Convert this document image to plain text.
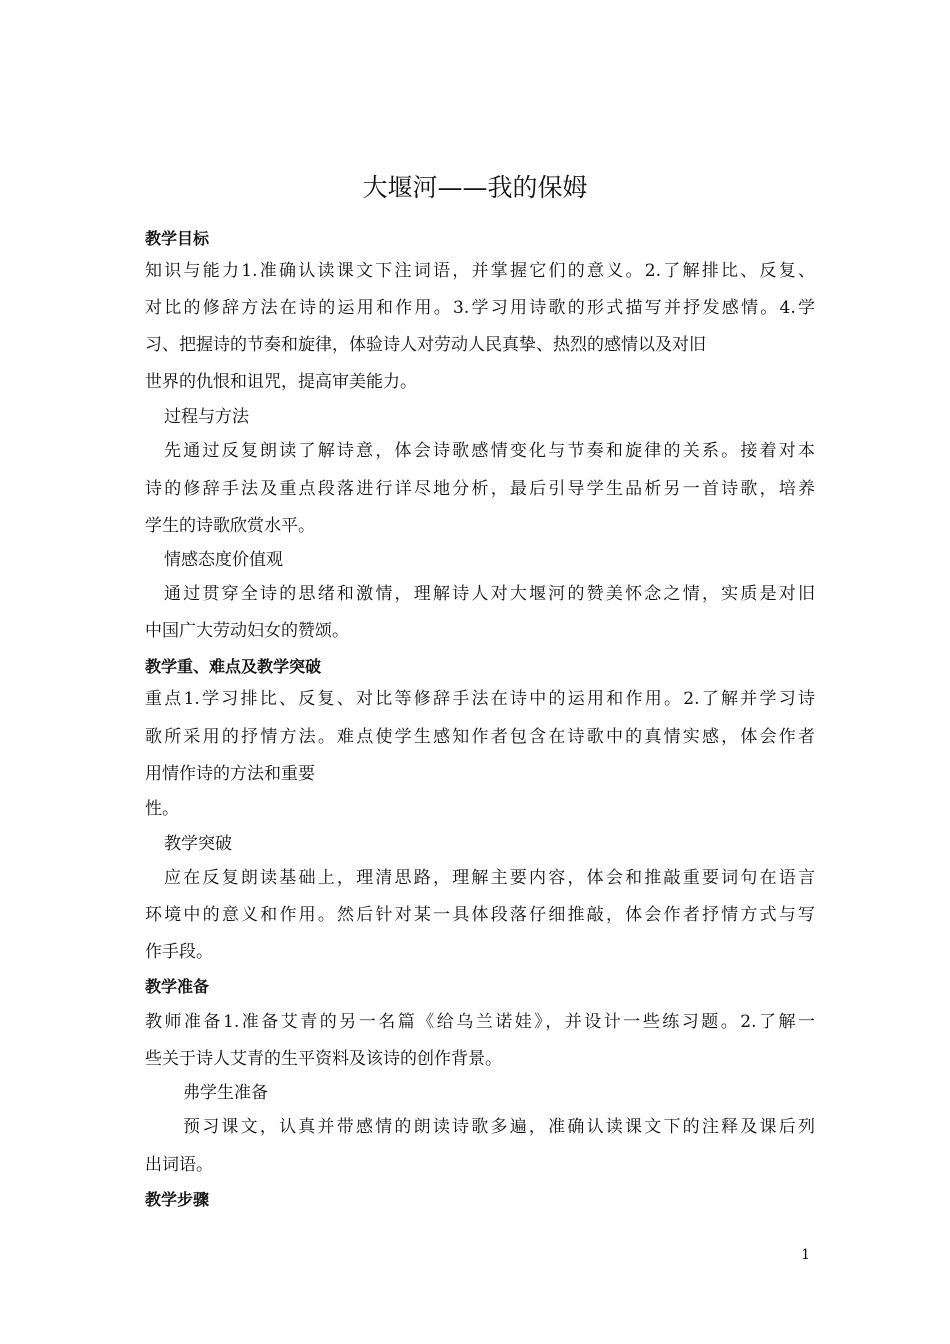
大堰河——我的保姆
教学目标
知识与能力1.准确认读课文下注词语，并掌握它们的意义。2.了解排比、反复、
对比的修辞方法在诗的运用和作用。3.学习用诗歌的形式描写并抒发感情。4.学
习、把握诗的节奏和旋律，体验诗人对劳动人民真挚、热烈的感情以及对旧
世界的仇恨和诅咒，提高审美能力。
过程与方法
先通过反复朗读了解诗意，体会诗歌感情变化与节奏和旋律的关系。接着对本
诗的修辞手法及重点段落进行详尽地分析，最后引导学生品析另一首诗歌，培养
学生的诗歌欣赏水平。
情感态度价值观
通过贯穿全诗的思绪和激情，理解诗人对大堰河的赞美怀念之情，实质是对旧
中国广大劳动妇女的赞颂。
教学重、难点及教学突破
重点1.学习排比、反复、对比等修辞手法在诗中的运用和作用。2.了解并学习诗
歌所采用的抒情方法。难点使学生感知作者包含在诗歌中的真情实感，体会作者
用情作诗的方法和重要
性。
教学突破
应在反复朗读基础上，理清思路，理解主要内容，体会和推敲重要词句在语言
环境中的意义和作用。然后针对某一具体段落仔细推敲，体会作者抒情方式与写
作手段。
教学准备
教师准备1.准备艾青的另一名篇《给乌兰诺娃》，并设计一些练习题。2.了解一
些关于诗人艾青的生平资料及该诗的创作背景。
弗学生准备
预习课文，认真并带感情的朗读诗歌多遍，准确认读课文下的注释及课后列
出词语。
教学步骤
1
